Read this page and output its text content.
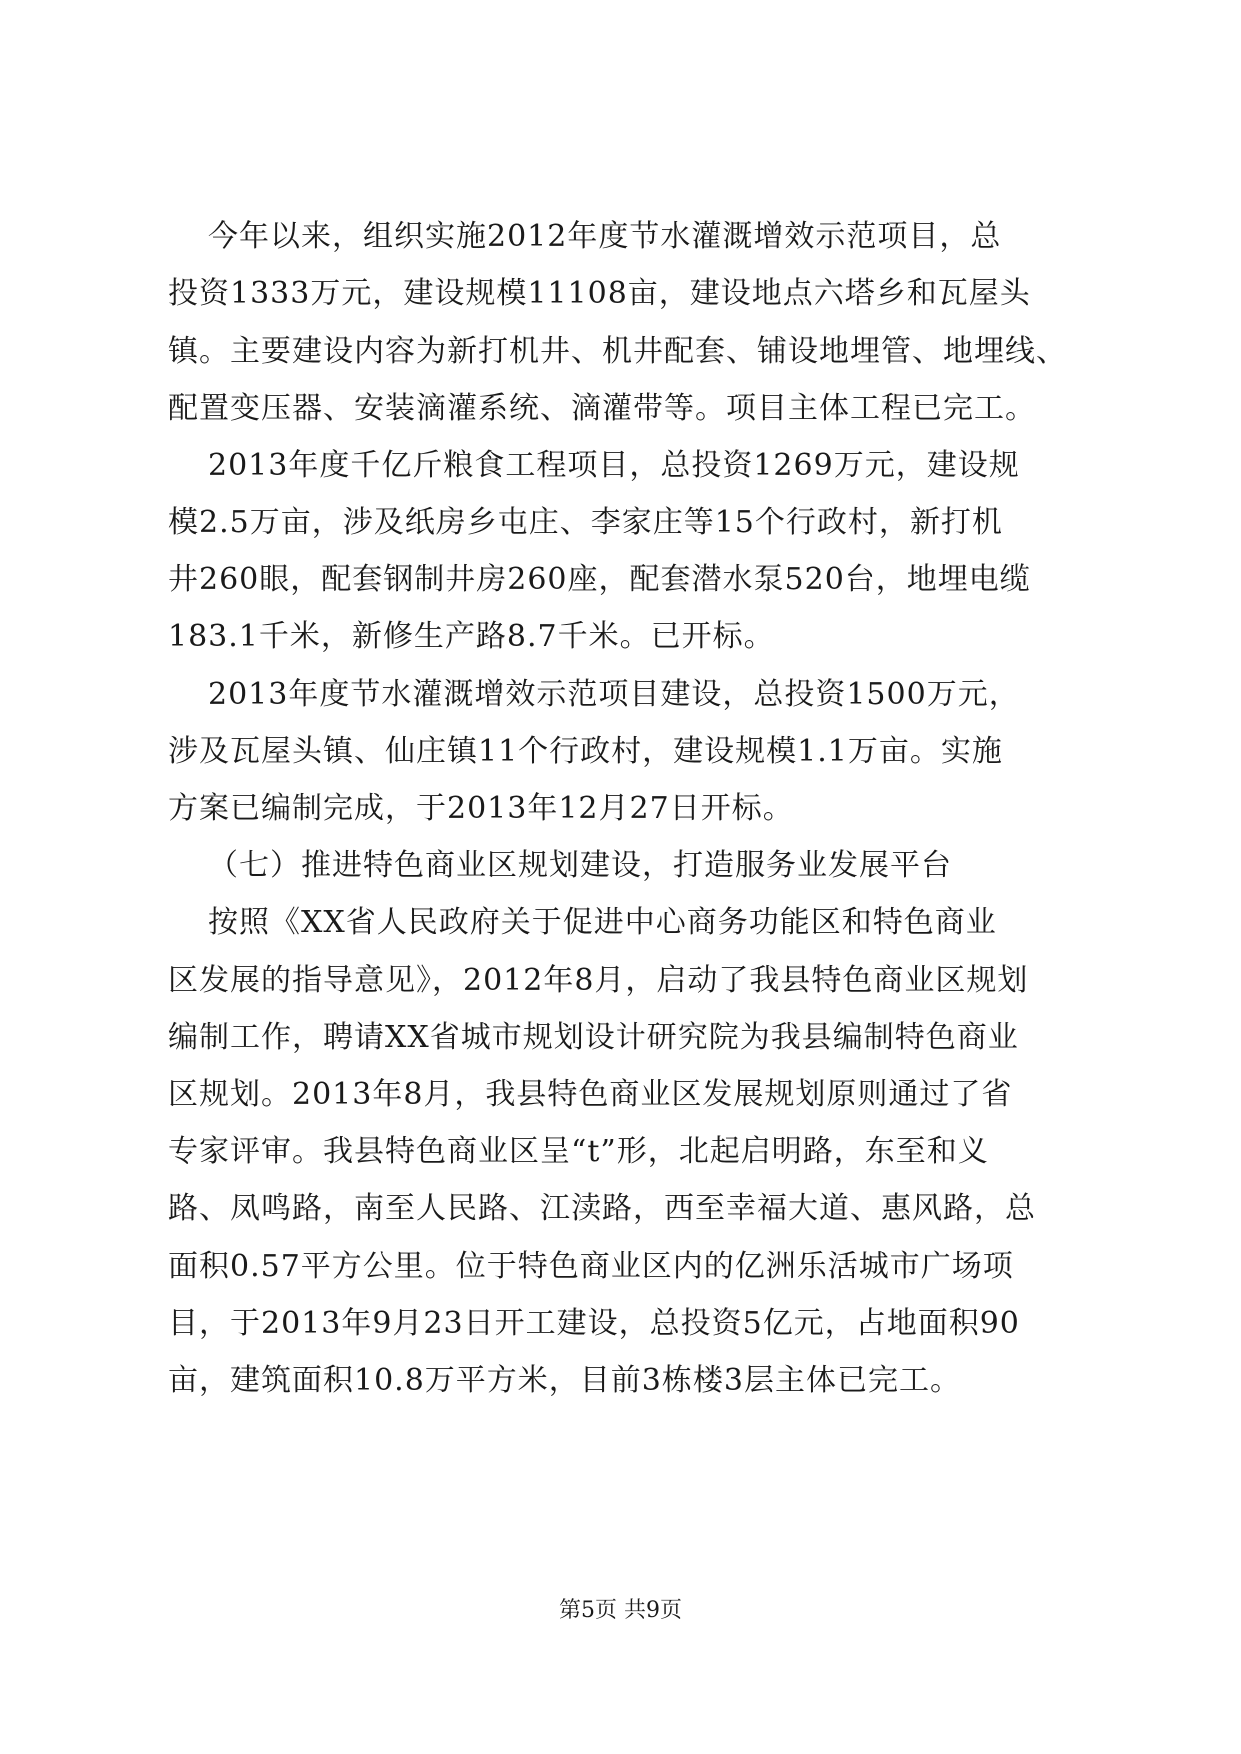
今年以来，组织实施2012年度节水灌溉增效示范项目，总
投资1333万元，建设规模11108亩，建设地点六塔乡和瓦屋头
镇。主要建设内容为新打机井、机井配套、铺设地埋管、地埋线、
配置变压器、安装滴灌系统、滴灌带等。项目主体工程已完工。
2013年度千亿斤粮食工程项目，总投资1269万元，建设规
模2.5万亩，涉及纸房乡屯庄、李家庄等15个行政村，新打机
井260眼，配套钢制井房260座，配套潜水泵520台，地埋电缆
183.1千米，新修生产路8.7千米。已开标。
2013年度节水灌溉增效示范项目建设，总投资1500万元，
涉及瓦屋头镇、仙庄镇11个行政村，建设规模1.1万亩。实施
方案已编制完成，于2013年12月27日开标。
（七）推进特色商业区规划建设，打造服务业发展平台
按照《XX省人民政府关于促进中心商务功能区和特色商业
区发展的指导意见》，2012年8月，启动了我县特色商业区规划
编制工作，聘请XX省城市规划设计研究院为我县编制特色商业
区规划。2013年8月，我县特色商业区发展规划原则通过了省
专家评审。我县特色商业区呈“t”形，北起启明路，东至和义
路、凤鸣路，南至人民路、江渎路，西至幸福大道、惠风路，总
面积0.57平方公里。位于特色商业区内的亿洲乐活城市广场项
目，于2013年9月23日开工建设，总投资5亿元，占地面积90
亩，建筑面积10.8万平方米，目前3栋楼3层主体已完工。
第5页 共9页
